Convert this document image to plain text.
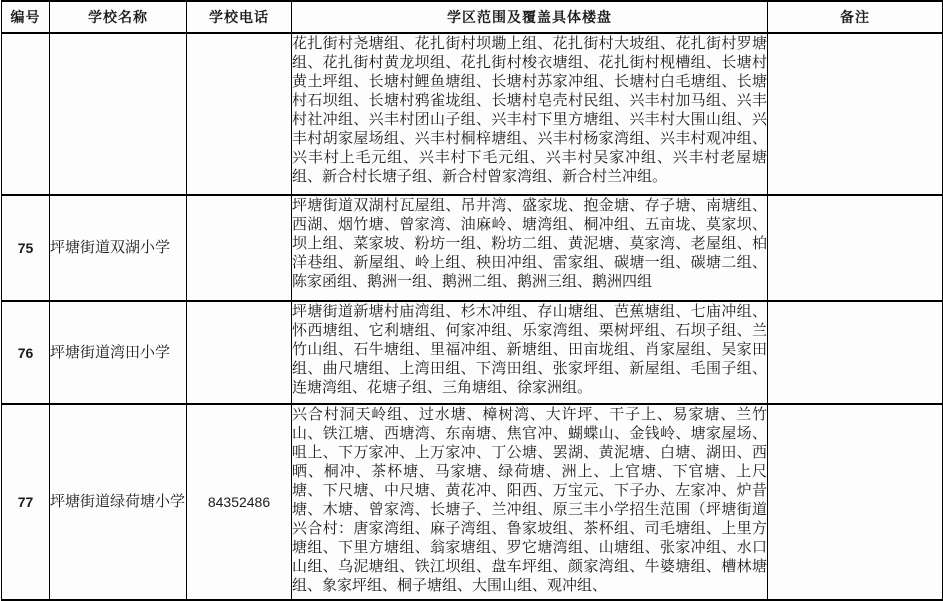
编号	学校名称	学校电话	学区范围及覆盖具体楼盘	备注
			花扎街村尧塘组、花扎街村坝墈上组、花扎街村大坡组、花扎街村罗塘组、花扎街村黄龙坝组、花扎街村梭衣塘组、花扎街村枧槽组、长塘村黄土坪组、长塘村鲤鱼塘组、长塘村苏家冲组、长塘村白毛塘组、长塘村石坝组、长塘村鸦雀垅组、长塘村皂壳村民组、兴丰村加马组、兴丰村社冲组、兴丰村团山子组、兴丰村下里方塘组、兴丰村大围山组、兴丰村胡家屋场组、兴丰村桐梓塘组、兴丰村杨家湾组、兴丰村观冲组、兴丰村上毛元组、兴丰村下毛元组、兴丰村吴家冲组、兴丰村老屋塘组、新合村长塘子组、新合村曾家湾组、新合村兰冲组。	
75	坪塘街道双湖小学		坪塘街道双湖村瓦屋组、吊井湾、盛家垅、抱金塘、存子塘、南塘组、西湖、烟竹塘、曾家湾、油麻岭、塘湾组、桐冲组、五亩垅、莫家坝、坝上组、菜家坡、粉坊一组、粉坊二组、黄泥塘、莫家湾、老屋组、柏洋巷组、新屋组、岭上组、秧田冲组、雷家组、碳塘一组、碳塘二组、陈家函组、鹅洲一组、鹅洲二组、鹅洲三组、鹅洲四组	
76	坪塘街道湾田小学		坪塘街道新塘村庙湾组、杉木冲组、存山塘组、芭蕉塘组、七庙冲组、怀西塘组、它利塘组、何家冲组、乐家湾组、栗树坪组、石坝子组、兰竹山组、石牛塘组、里福冲组、新塘组、田亩垅组、肖家屋组、吴家田组、曲尺塘组、上湾田组、下湾田组、张家坪组、新屋组、毛围子组、连塘湾组、花塘子组、三角塘组、徐家洲组。	
77	坪塘街道绿荷塘小学	84352486	兴合村洞天岭组、过水塘、樟树湾、大许坪、干子上、易家塘、兰竹山、铁江塘、西塘湾、东南塘、焦官冲、蝴蝶山、金钱岭、塘家屋场、咀上、下万家冲、上万家冲、丁公塘、罢湖、黄泥塘、白塘、湖田、西晒、桐冲、茶杯塘、马家塘、绿荷塘、洲上、上官塘、下官塘、上尺塘、下尺塘、中尺塘、黄花冲、阳西、万宝元、下子办、左家冲、炉昔塘、木塘、曾家湾、长塘子、兰冲组、原三丰小学招生范围（坪塘街道兴合村：唐家湾组、麻子湾组、鲁家坡组、茶杯组、司毛塘组、上里方塘组、下里方塘组、翁家塘组、罗它塘湾组、山塘组、张家冲组、水口山组、乌泥塘组、铁江坝组、盘车坪组、颜家湾组、牛婆塘组、槽林塘组、象家坪组、桐子塘组、大围山组、观冲组、	
